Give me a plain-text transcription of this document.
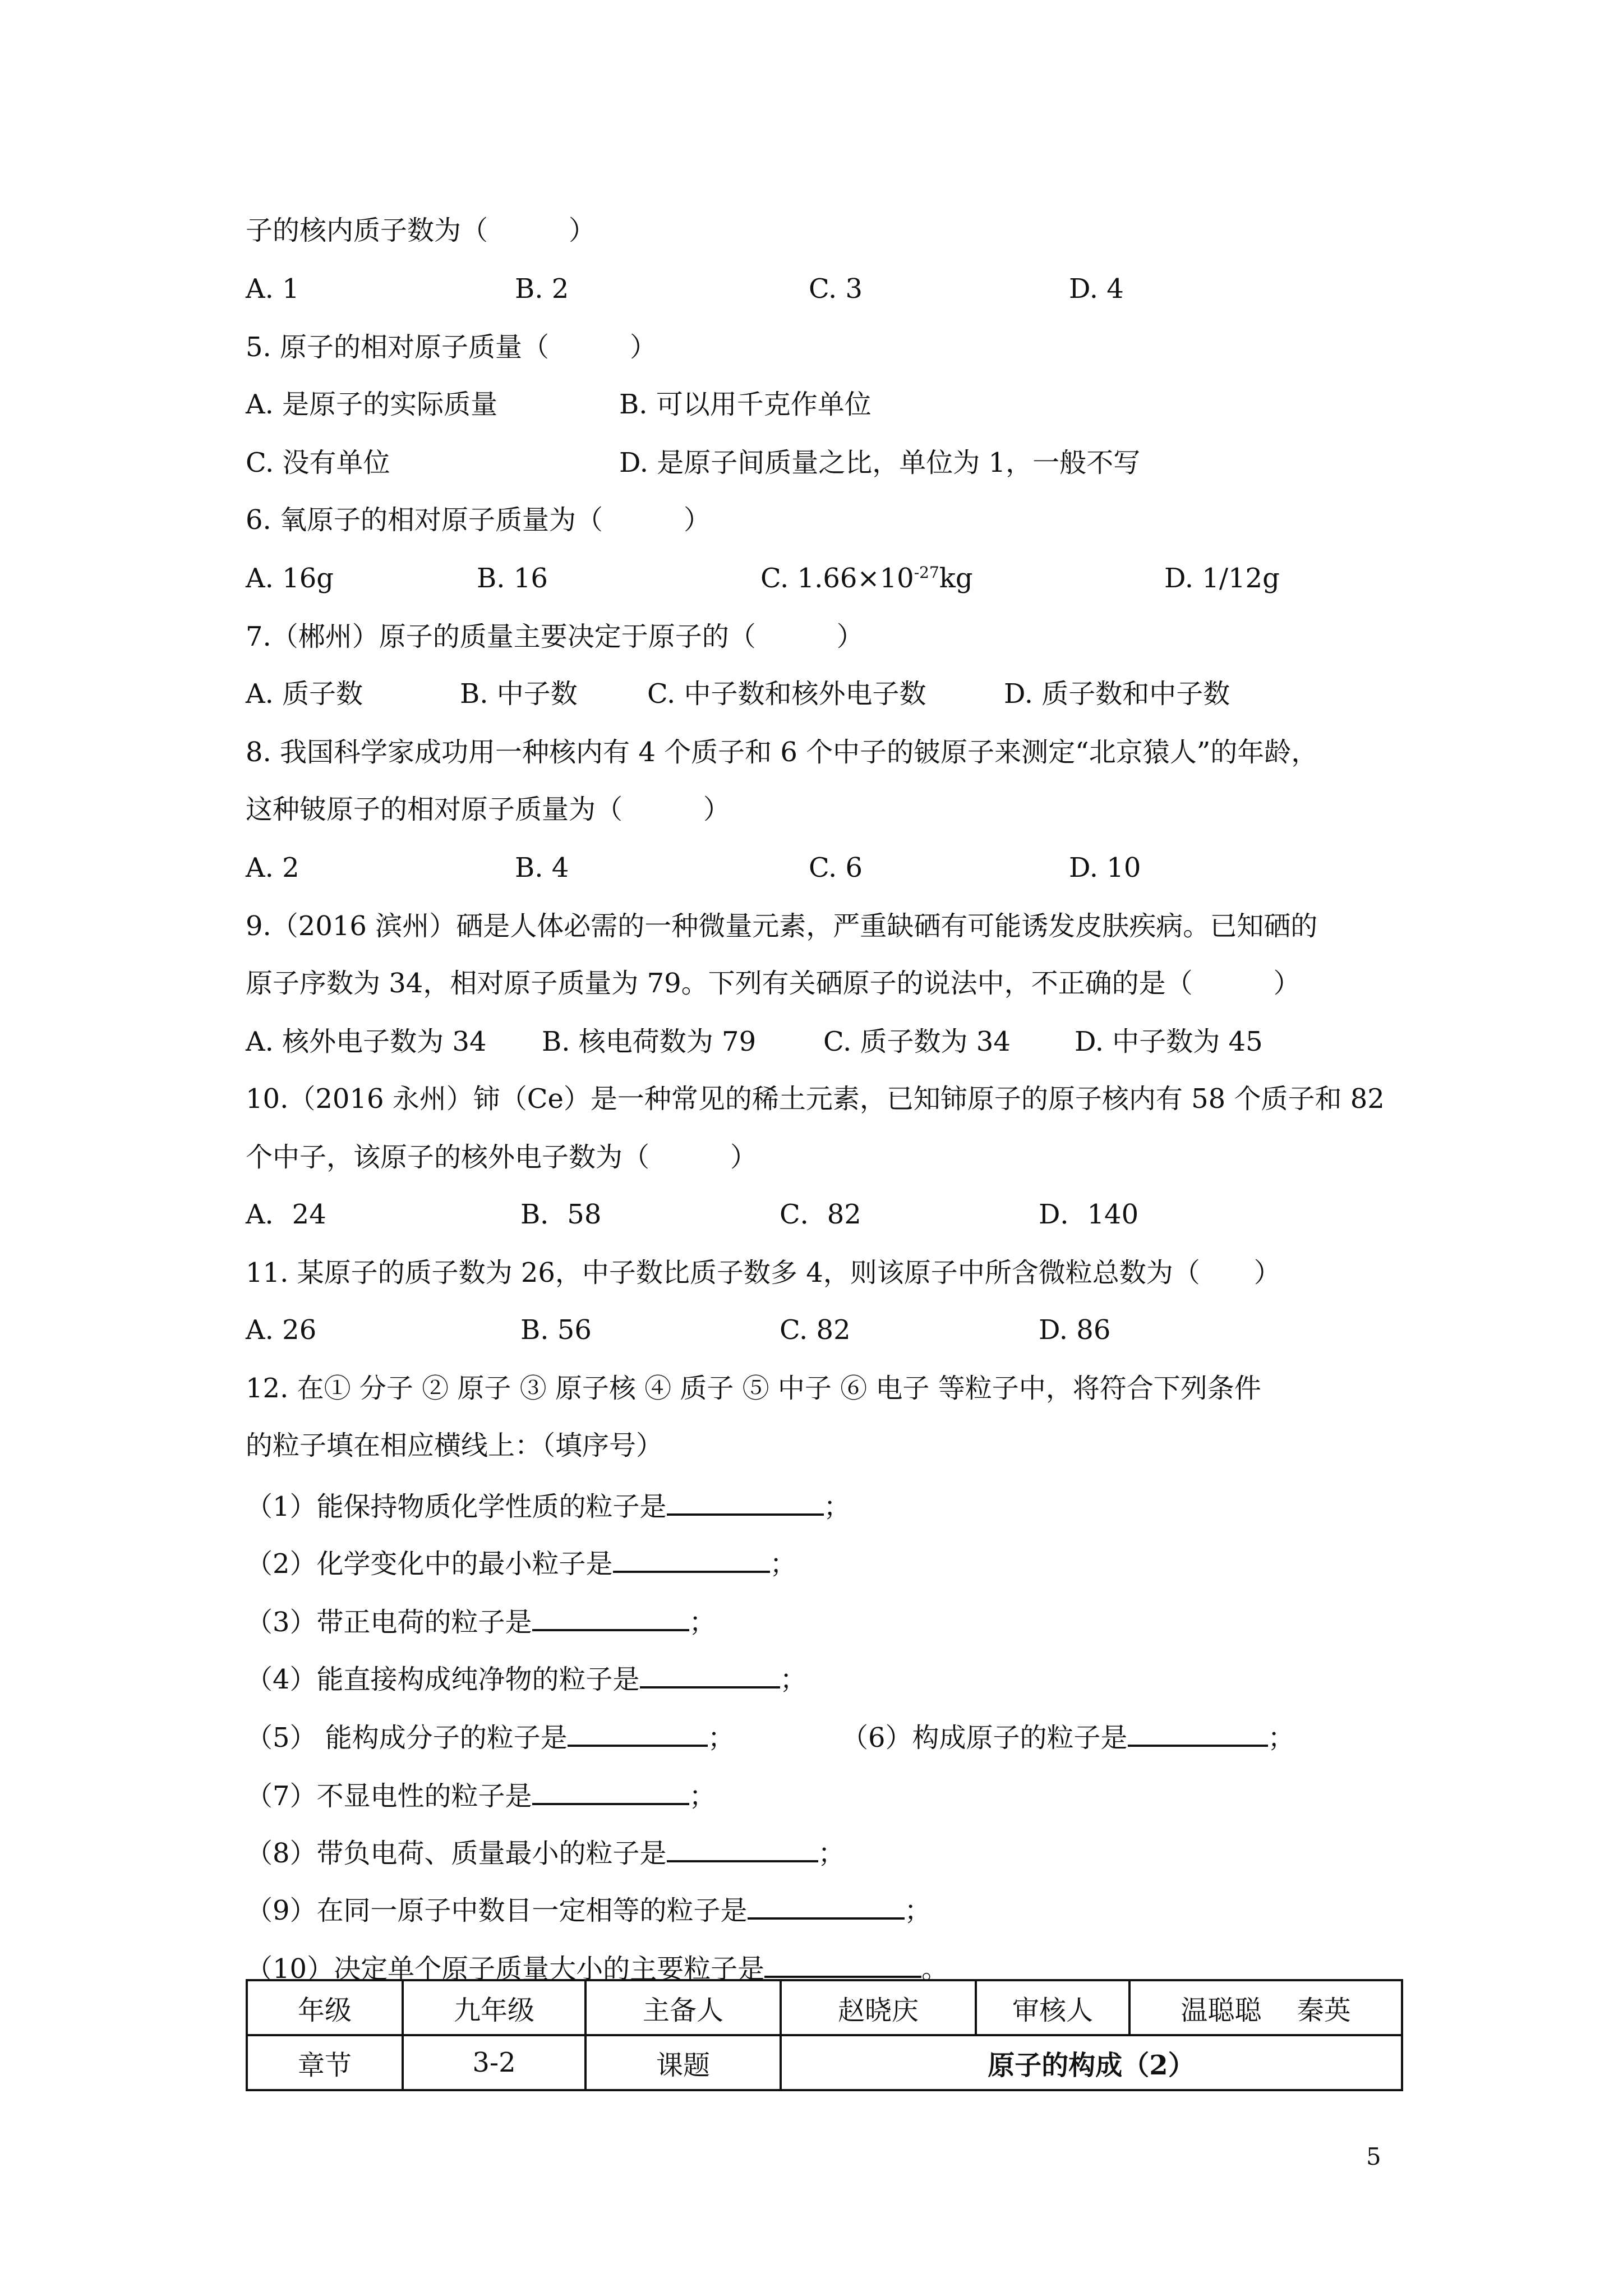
子的核内质子数为（　　　）
A. 1	B. 2	C. 3	D. 4
5. 原子的相对原子质量（　　　）
A. 是原子的实际质量	B. 可以用千克作单位
C. 没有单位	D. 是原子间质量之比，单位为 1，一般不写
6. 氧原子的相对原子质量为（　　　）
A. 16g	B. 16	C. $1.66\times 10^{-27}kg$	D. 1/12g
7.（郴州）原子的质量主要决定于原子的（　　　）
A. 质子数	B. 中子数	C. 中子数和核外电子数	D. 质子数和中子数
8. 我国科学家成功用一种核内有 4 个质子和 6 个中子的铍原子来测定“北京猿人”的年龄，
这种铍原子的相对原子质量为（　　　）
A. 2	B. 4	C. 6	D. 10
9.（2016 滨州）硒是人体必需的一种微量元素，严重缺硒有可能诱发皮肤疾病。已知硒的
原子序数为 34，相对原子质量为 79。下列有关硒原子的说法中，不正确的是（　　　）
A. 核外电子数为 34 B. 核电荷数为 79 C. 质子数为 34 D. 中子数为 45
10.（2016 永州）铈（Ce）是一种常见的稀土元素，已知铈原子的原子核内有 58 个质子和 82
个中子，该原子的核外电子数为（　　　）
A．24	B．58	C．82	D．140
11. 某原子的质子数为 26，中子数比质子数多 4，则该原子中所含微粒总数为（　　）
A. 26	B. 56	C. 82	D. 86
12. 在① 分子 ② 原子 ③ 原子核 ④ 质子 ⑤ 中子 ⑥ 电子 等粒子中，将符合下列条件
的粒子填在相应横线上：（填序号）
（1）能保持物质化学性质的粒子是	；
（2）化学变化中的最小粒子是	；
（3）带正电荷的粒子是	；
（4）能直接构成纯净物的粒子是	；
（5） 能构成分子的粒子是	；	（6）构成原子的粒子是	；
（7）不显电性的粒子是	；
（8）带负电荷、质量最小的粒子是	；
（9）在同一原子中数目一定相等的粒子是	；
（10）决定单个原子质量大小的主要粒子是	。
年级	九年级	主备人	赵晓庆	审核人	温聪聪　 秦英
章节	3-2	课题	原子的构成（2）		
5
